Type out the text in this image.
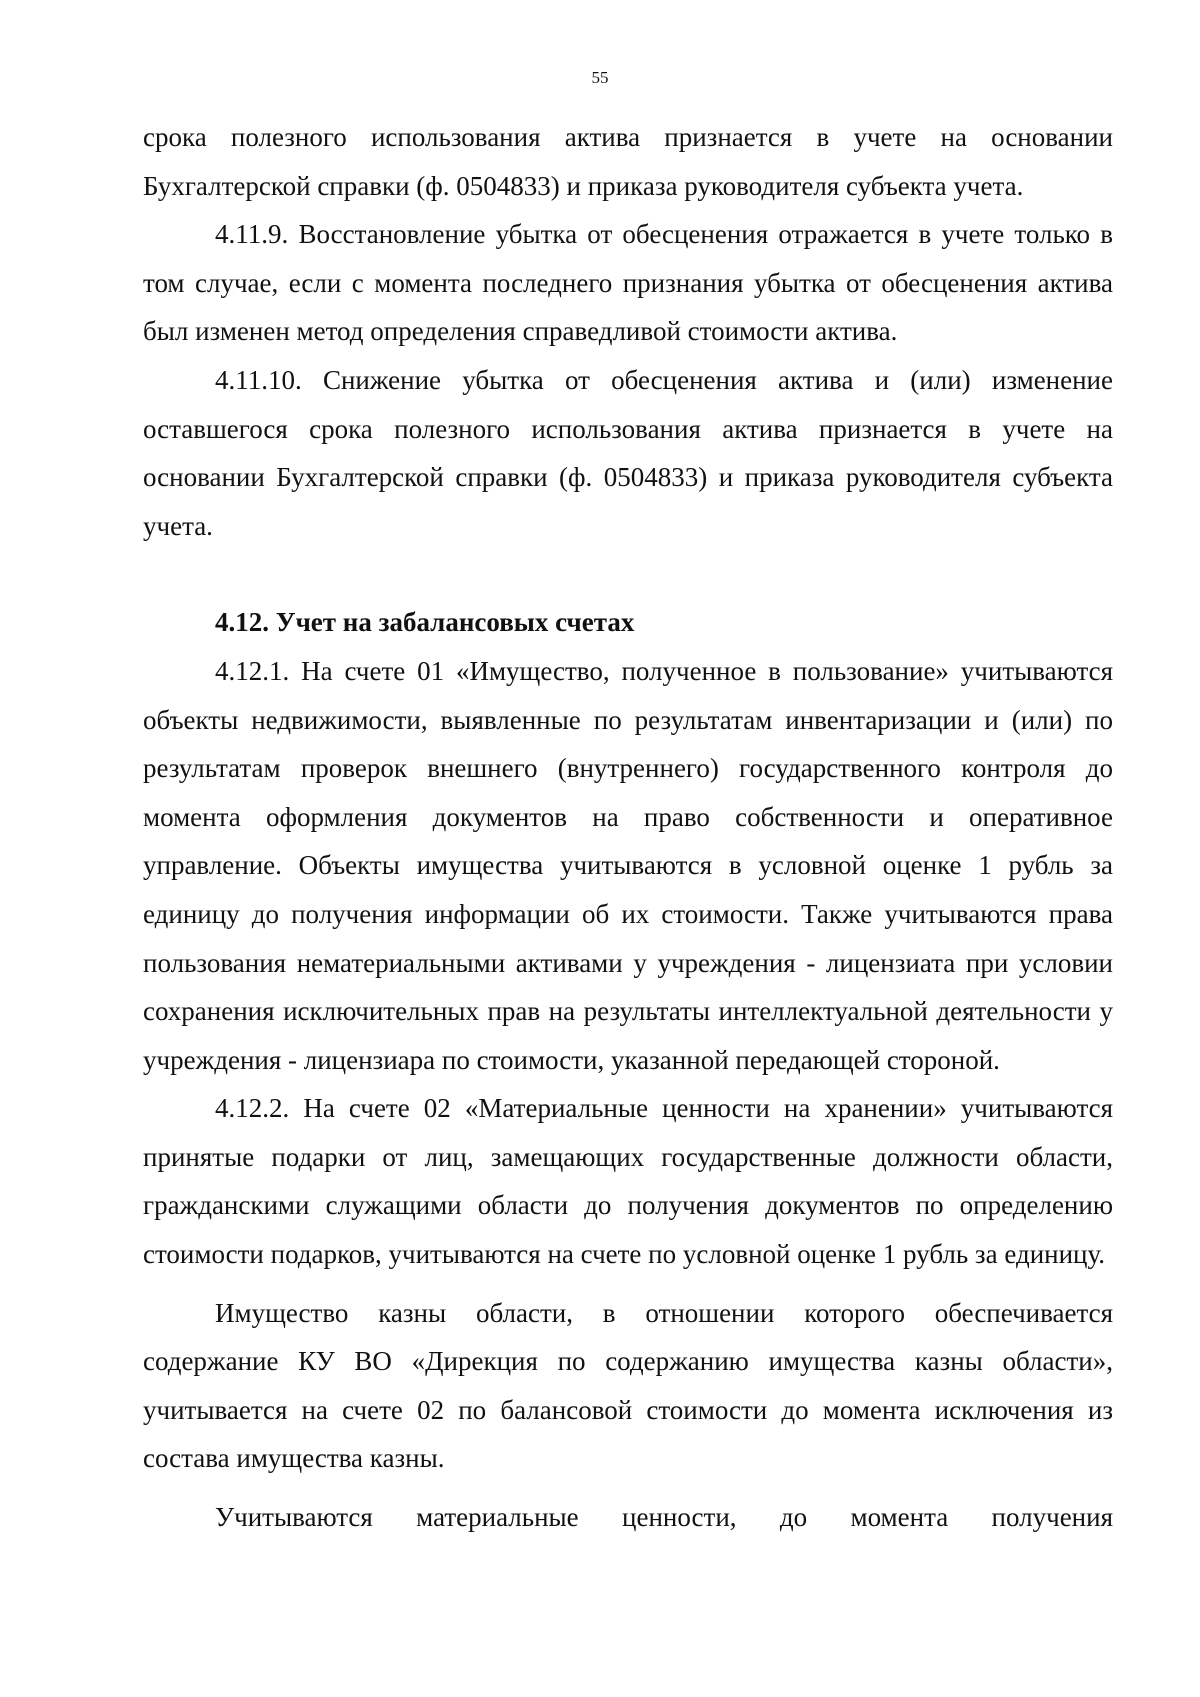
55

срока полезного использования актива признается в учете на основании Бухгалтерской справки (ф. 0504833) и приказа руководителя субъекта учета.

4.11.9. Восстановление убытка от обесценения отражается в учете только в том случае, если с момента последнего признания убытка от обесценения актива был изменен метод определения справедливой стоимости актива.

4.11.10. Снижение убытка от обесценения актива и (или) изменение оставшегося срока полезного использования актива признается в учете на основании Бухгалтерской справки (ф. 0504833) и приказа руководителя субъекта учета.

4.12. Учет на забалансовых счетах

4.12.1. На счете 01 «Имущество, полученное в пользование» учитываются объекты недвижимости, выявленные по результатам инвентаризации и (или) по результатам проверок внешнего (внутреннего) государственного контроля до момента оформления документов на право собственности и оперативное управление. Объекты имущества учитываются в условной оценке 1 рубль за единицу до получения информации об их стоимости. Также учитываются права пользования нематериальными активами у учреждения - лицензиата при условии сохранения исключительных прав на результаты интеллектуальной деятельности у учреждения - лицензиара по стоимости, указанной передающей стороной.

4.12.2. На счете 02 «Материальные ценности на хранении» учитываются принятые подарки от лиц, замещающих государственные должности области, гражданскими служащими области до получения документов по определению стоимости подарков, учитываются на счете по условной оценке 1 рубль за единицу.

Имущество казны области, в отношении которого обеспечивается содержание КУ ВО «Дирекция по содержанию имущества казны области», учитывается на счете 02 по балансовой стоимости до момента исключения из состава имущества казны.

Учитываются материальные ценности, до момента получения
